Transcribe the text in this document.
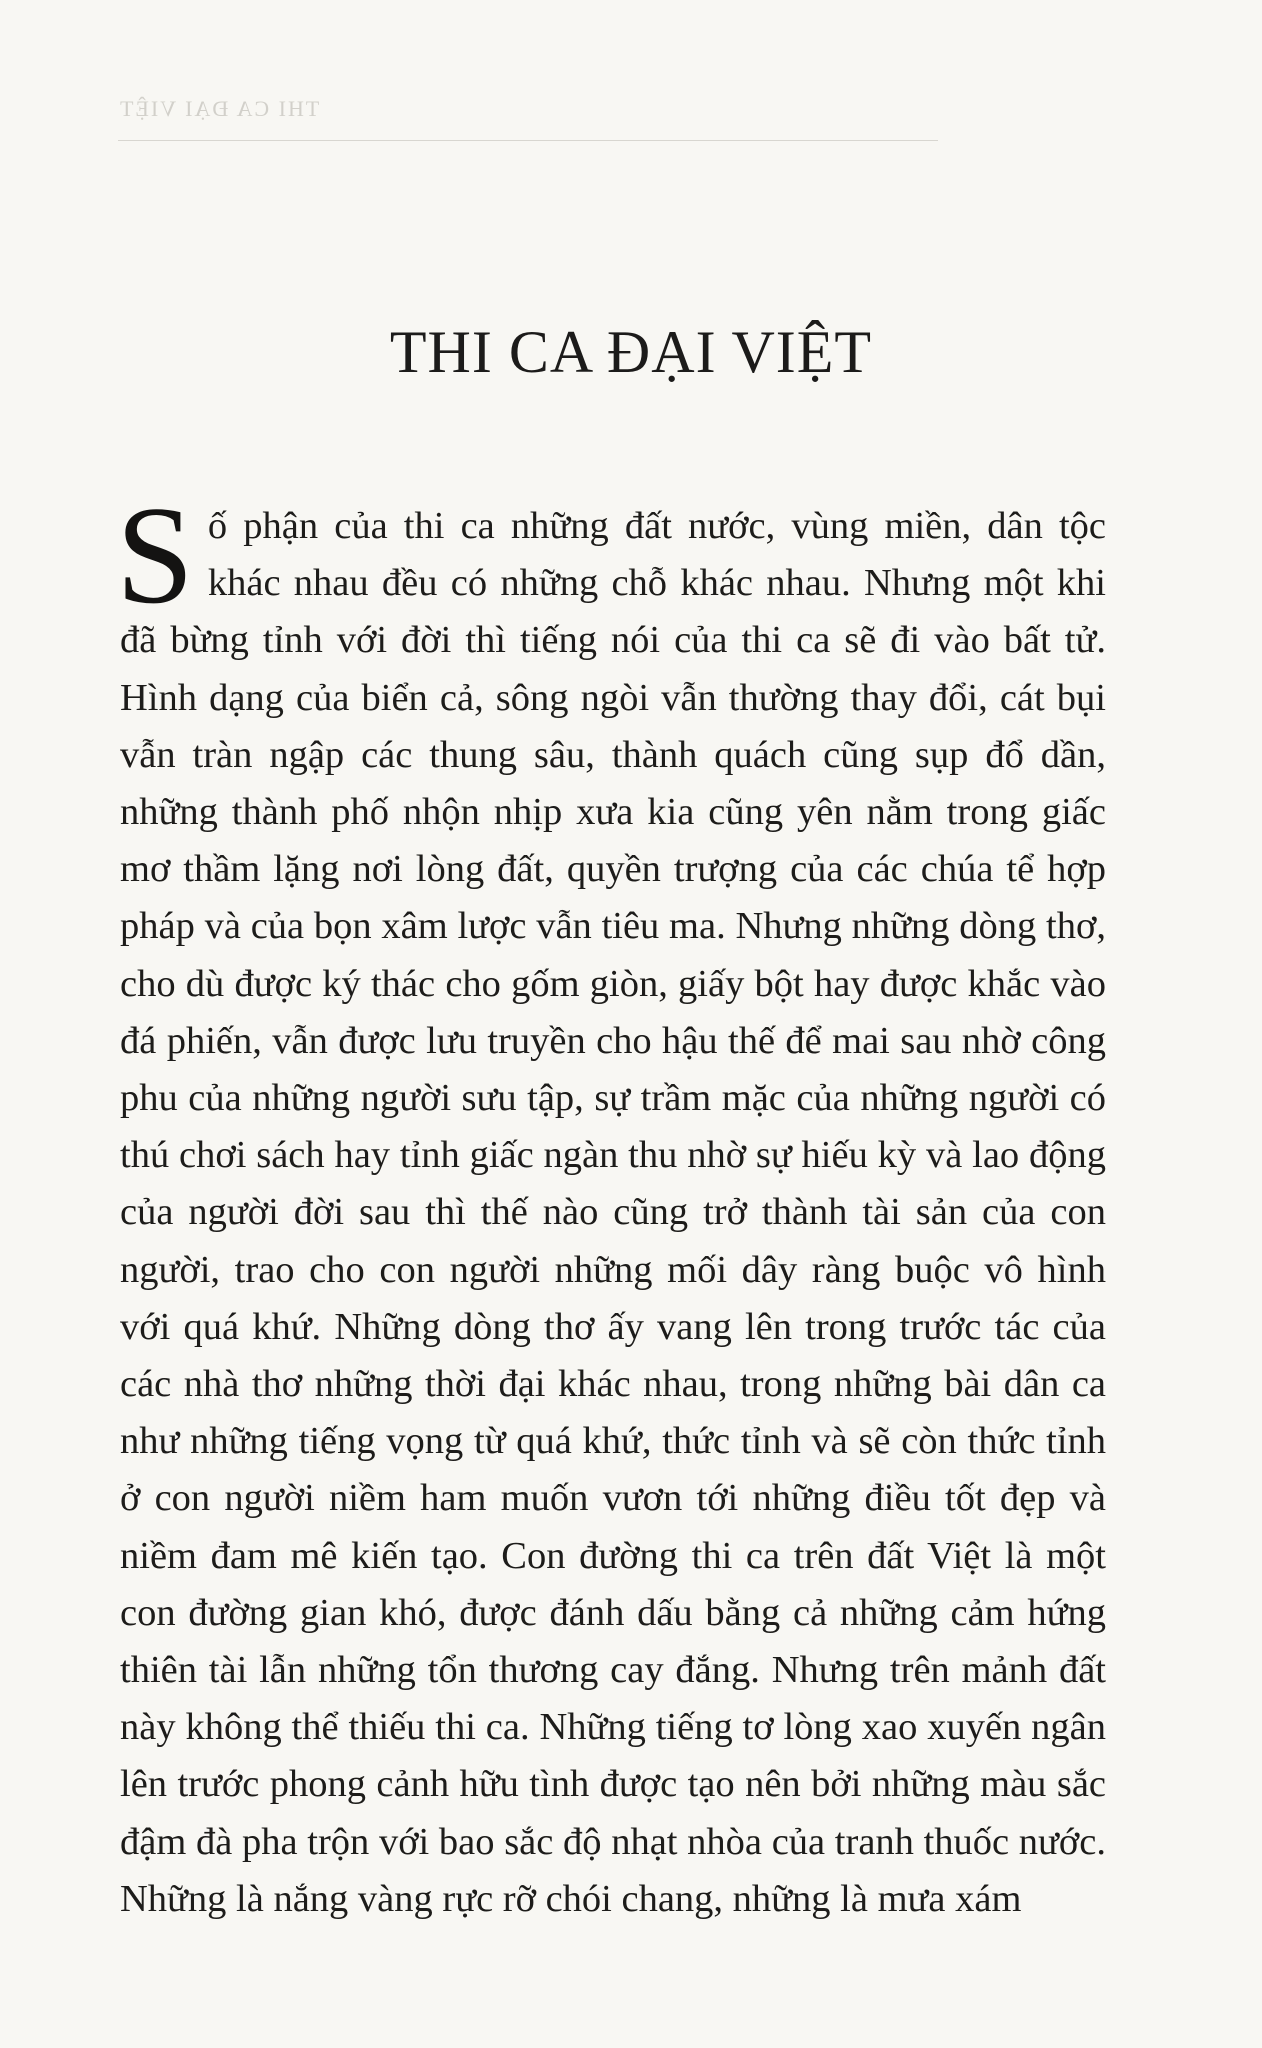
THI CA ĐẠI VIỆT
THI CA ĐẠI VIỆT

Số phận của thi ca những đất nước, vùng miền, dân tộc khác nhau đều có những chỗ khác nhau. Nhưng một khi đã bừng tỉnh với đời thì tiếng nói của thi ca sẽ đi vào bất tử. Hình dạng của biển cả, sông ngòi vẫn thường thay đổi, cát bụi vẫn tràn ngập các thung sâu, thành quách cũng sụp đổ dần, những thành phố nhộn nhịp xưa kia cũng yên nằm trong giấc mơ thầm lặng nơi lòng đất, quyền trượng của các chúa tể hợp pháp và của bọn xâm lược vẫn tiêu ma. Nhưng những dòng thơ, cho dù được ký thác cho gốm giòn, giấy bột hay được khắc vào đá phiến, vẫn được lưu truyền cho hậu thế để mai sau nhờ công phu của những người sưu tập, sự trầm mặc của những người có thú chơi sách hay tỉnh giấc ngàn thu nhờ sự hiếu kỳ và lao động của người đời sau thì thế nào cũng trở thành tài sản của con người, trao cho con người những mối dây ràng buộc vô hình với quá khứ. Những dòng thơ ấy vang lên trong trước tác của các nhà thơ những thời đại khác nhau, trong những bài dân ca như những tiếng vọng từ quá khứ, thức tỉnh và sẽ còn thức tỉnh ở con người niềm ham muốn vươn tới những điều tốt đẹp và niềm đam mê kiến tạo. Con đường thi ca trên đất Việt là một con đường gian khó, được đánh dấu bằng cả những cảm hứng thiên tài lẫn những tổn thương cay đắng. Nhưng trên mảnh đất này không thể thiếu thi ca. Những tiếng tơ lòng xao xuyến ngân lên trước phong cảnh hữu tình được tạo nên bởi những màu sắc đậm đà pha trộn với bao sắc độ nhạt nhòa của tranh thuốc nước. Những là nắng vàng rực rỡ chói chang, những là mưa xám
